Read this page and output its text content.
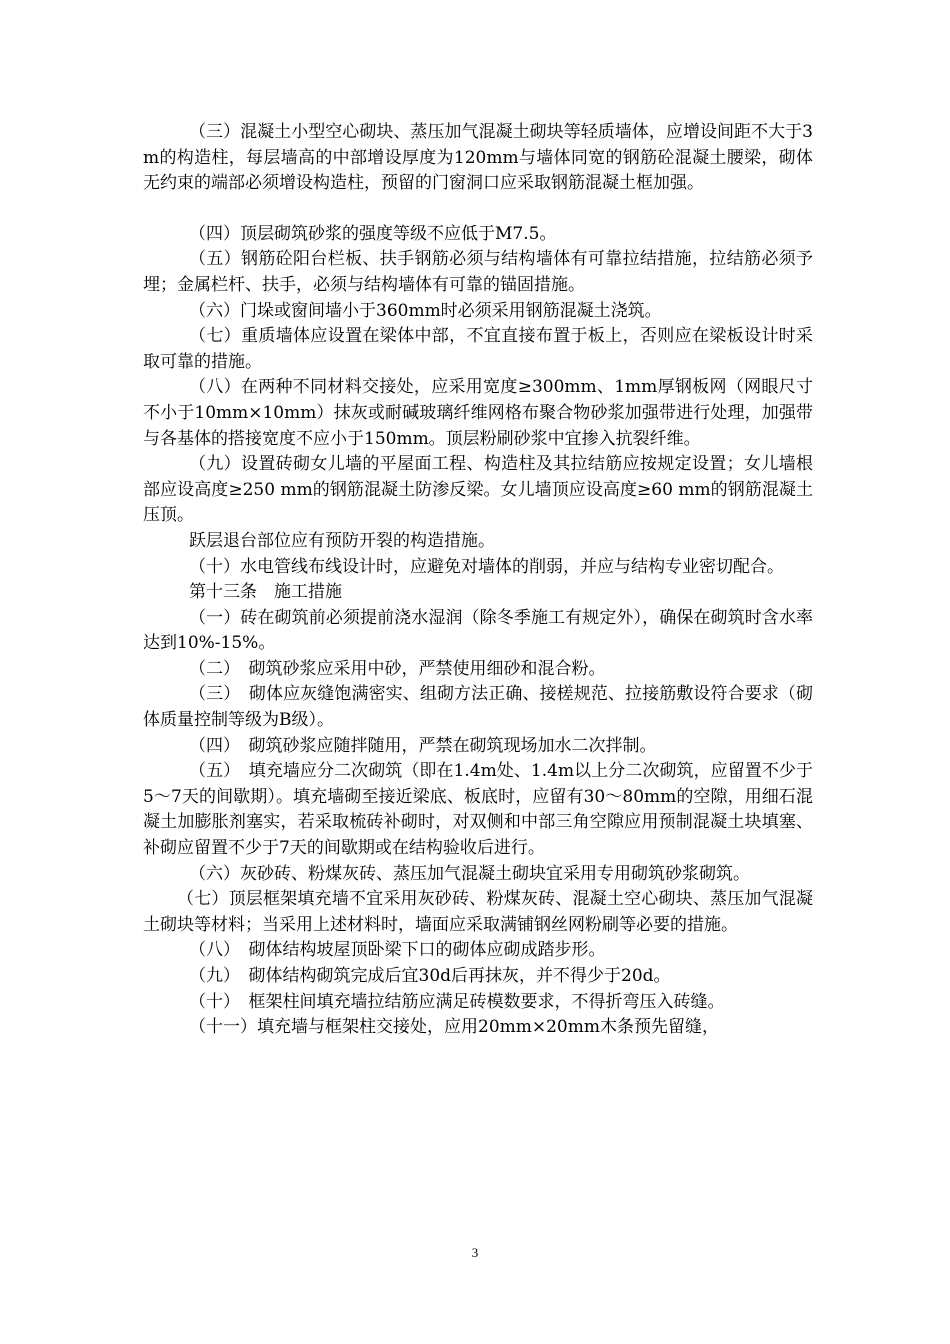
（三）混凝土小型空心砌块、蒸压加气混凝土砌块等轻质墙体，应增设间距不大于3m的构造柱，每层墙高的中部增设厚度为120mm与墙体同宽的钢筋砼混凝土腰梁，砌体无约束的端部必须增设构造柱，预留的门窗洞口应采取钢筋混凝土框加强。

（四）顶层砌筑砂浆的强度等级不应低于M7.5。

（五）钢筋砼阳台栏板、扶手钢筋必须与结构墙体有可靠拉结措施，拉结筋必须予埋；金属栏杆、扶手，必须与结构墙体有可靠的锚固措施。

（六）门垛或窗间墙小于360mm时必须采用钢筋混凝土浇筑。

（七）重质墙体应设置在梁体中部，不宜直接布置于板上，否则应在梁板设计时采取可靠的措施。

（八）在两种不同材料交接处，应采用宽度≥300mm、1mm厚钢板网（网眼尺寸不小于10mm×10mm）抹灰或耐碱玻璃纤维网格布聚合物砂浆加强带进行处理，加强带与各基体的搭接宽度不应小于150mm。顶层粉刷砂浆中宜掺入抗裂纤维。

（九）设置砖砌女儿墙的平屋面工程、构造柱及其拉结筋应按规定设置；女儿墙根部应设高度≥250 mm的钢筋混凝土防渗反梁。女儿墙顶应设高度≥60 mm的钢筋混凝土压顶。

跃层退台部位应有预防开裂的构造措施。

（十）水电管线布线设计时，应避免对墙体的削弱，并应与结构专业密切配合。

第十三条　施工措施

（一）砖在砌筑前必须提前浇水湿润（除冬季施工有规定外），确保在砌筑时含水率达到10%-15%。

（二）　砌筑砂浆应采用中砂，严禁使用细砂和混合粉。

（三）　砌体应灰缝饱满密实、组砌方法正确、接槎规范、拉接筋敷设符合要求（砌体质量控制等级为B级）。

（四）　砌筑砂浆应随拌随用，严禁在砌筑现场加水二次拌制。

（五）　填充墙应分二次砌筑（即在1.4m处、1.4m以上分二次砌筑，应留置不少于5～7天的间歇期）。填充墙砌至接近梁底、板底时，应留有30～80mm的空隙，用细石混凝土加膨胀剂塞实，若采取梳砖补砌时，对双侧和中部三角空隙应用预制混凝土块填塞、补砌应留置不少于7天的间歇期或在结构验收后进行。

（六）灰砂砖、粉煤灰砖、蒸压加气混凝土砌块宜采用专用砌筑砂浆砌筑。

（七）顶层框架填充墙不宜采用灰砂砖、粉煤灰砖、混凝土空心砌块、蒸压加气混凝土砌块等材料；当采用上述材料时，墙面应采取满铺钢丝网粉刷等必要的措施。

（八）　砌体结构坡屋顶卧梁下口的砌体应砌成踏步形。

（九）　砌体结构砌筑完成后宜30d后再抹灰，并不得少于20d。

（十）　框架柱间填充墙拉结筋应满足砖模数要求，不得折弯压入砖缝。

（十一）填充墙与框架柱交接处，应用20mm×20mm木条预先留缝，

3
